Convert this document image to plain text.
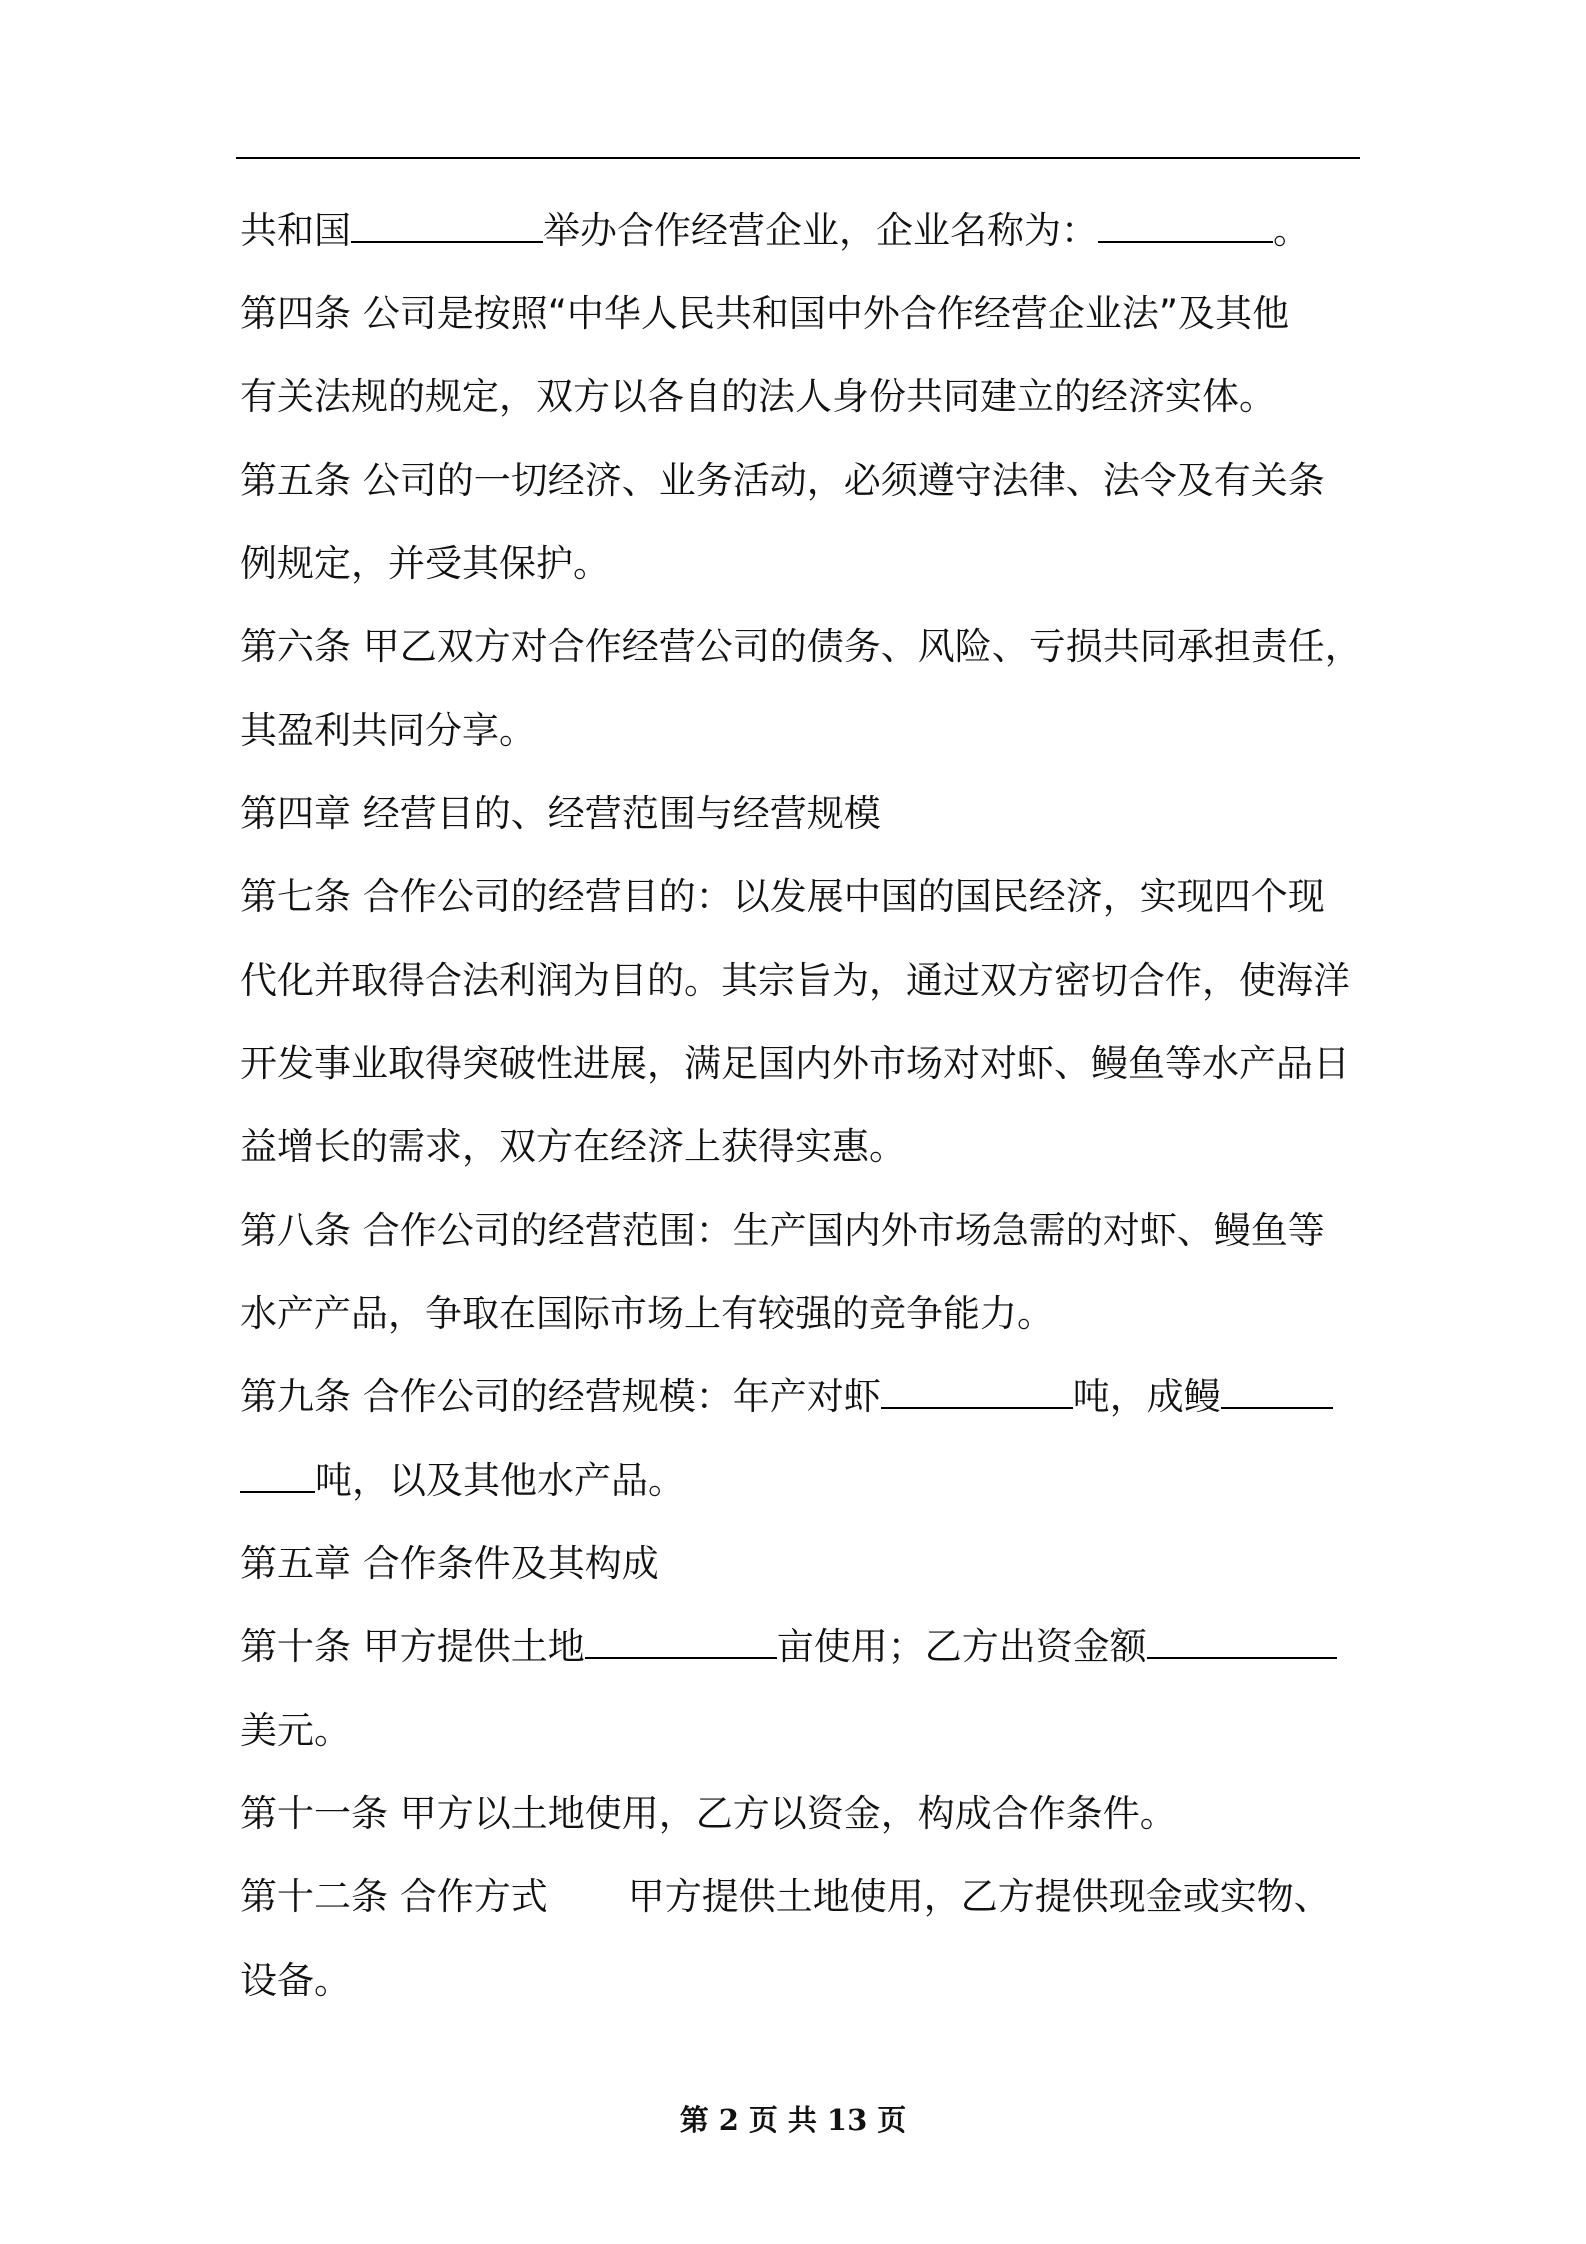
共和国	举办合作经营企业，企业名称为：	。
第四条 公司是按照“中华人民共和国中外合作经营企业法”及其他
有关法规的规定，双方以各自的法人身份共同建立的经济实体。
第五条 公司的一切经济、业务活动，必须遵守法律、法令及有关条
例规定，并受其保护。
第六条 甲乙双方对合作经营公司的债务、风险、亏损共同承担责任，
其盈利共同分享。
第四章 经营目的、经营范围与经营规模
第七条 合作公司的经营目的：以发展中国的国民经济，实现四个现
代化并取得合法利润为目的。其宗旨为，通过双方密切合作，使海洋
开发事业取得突破性进展，满足国内外市场对对虾、鳗鱼等水产品日
益增长的需求，双方在经济上获得实惠。
第八条 合作公司的经营范围：生产国内外市场急需的对虾、鳗鱼等
水产产品，争取在国际市场上有较强的竞争能力。
第九条 合作公司的经营规模：年产对虾	吨，成鳗
吨，以及其他水产品。
第五章 合作条件及其构成
第十条 甲方提供土地	亩使用；乙方出资金额
美元。
第十一条 甲方以土地使用，乙方以资金，构成合作条件。
第十二条 合作方式 甲方提供土地使用，乙方提供现金或实物、
设备。
第 2 页 共 13 页
